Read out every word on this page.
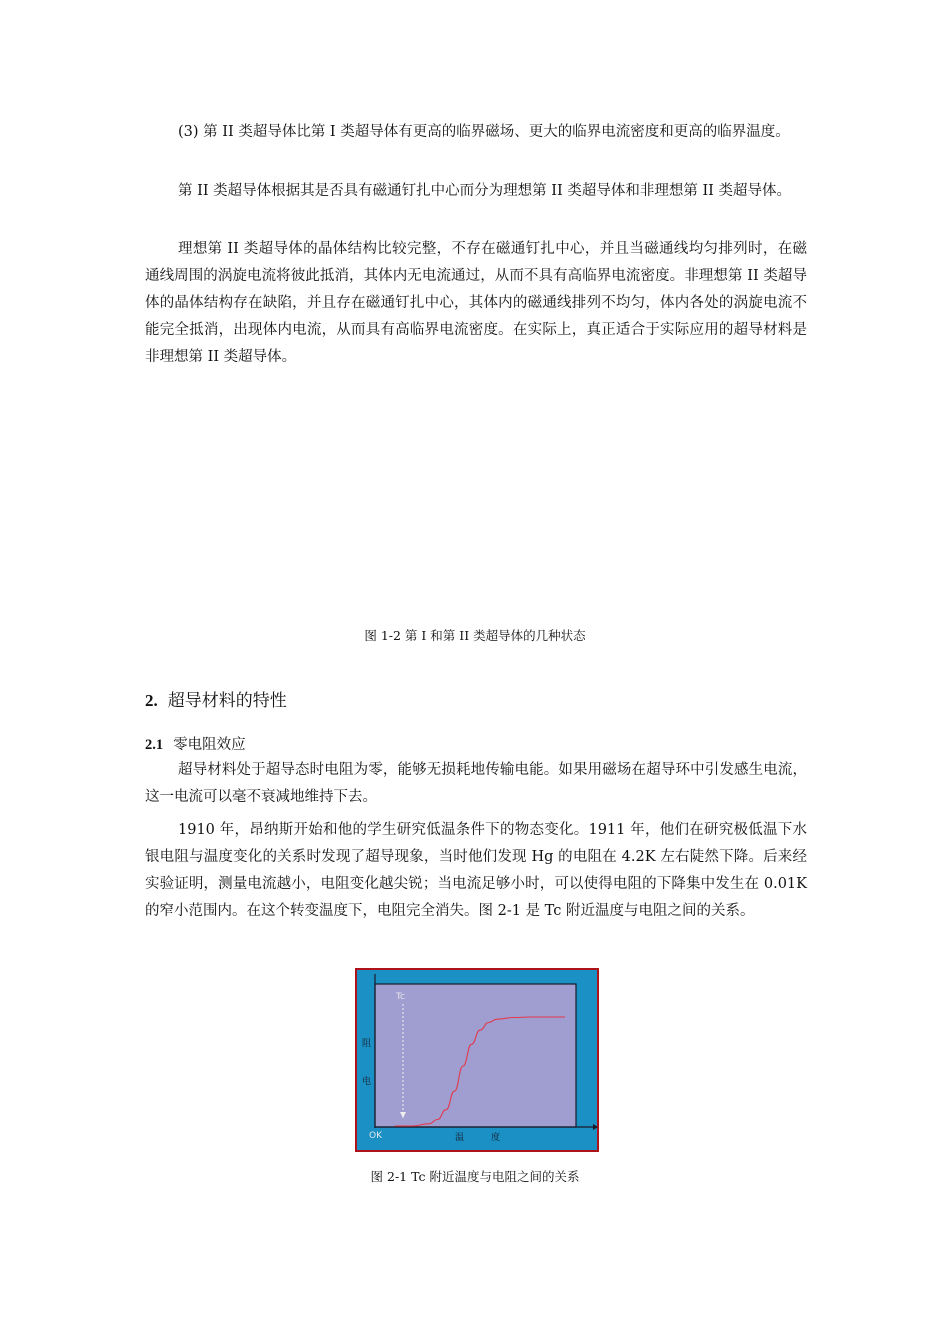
(3) 第 II 类超导体比第 I 类超导体有更高的临界磁场、更大的临界电流密度和更高的临界温度。

第 II 类超导体根据其是否具有磁通钉扎中心而分为理想第 II 类超导体和非理想第 II 类超导体。

理想第 II 类超导体的晶体结构比较完整，不存在磁通钉扎中心，并且当磁通线均匀排列时，在磁通线周围的涡旋电流将彼此抵消，其体内无电流通过，从而不具有高临界电流密度。非理想第 II 类超导体的晶体结构存在缺陷，并且存在磁通钉扎中心，其体内的磁通线排列不均匀，体内各处的涡旋电流不能完全抵消，出现体内电流，从而具有高临界电流密度。在实际上，真正适合于实际应用的超导材料是非理想第 II 类超导体。

图 1-2 第 I 和第 II 类超导体的几种状态

2. 超导材料的特性
2.1 零电阻效应

超导材料处于超导态时电阻为零，能够无损耗地传输电能。如果用磁场在超导环中引发感生电流，这一电流可以毫不衰减地维持下去。

1910 年，昂纳斯开始和他的学生研究低温条件下的物态变化。1911 年，他们在研究极低温下水银电阻与温度变化的关系时发现了超导现象，当时他们发现 Hg 的电阻在 4.2K 左右陡然下降。后来经实验证明，测量电流越小，电阻变化越尖锐；当电流足够小时，可以使得电阻的下降集中发生在 0.01K 的窄小范围内。在这个转变温度下，电阻完全消失。图 2-1 是 Tc 附近温度与电阻之间的关系。

Tc
阻
电
OK	温	度

图 2-1 Tc 附近温度与电阻之间的关系
